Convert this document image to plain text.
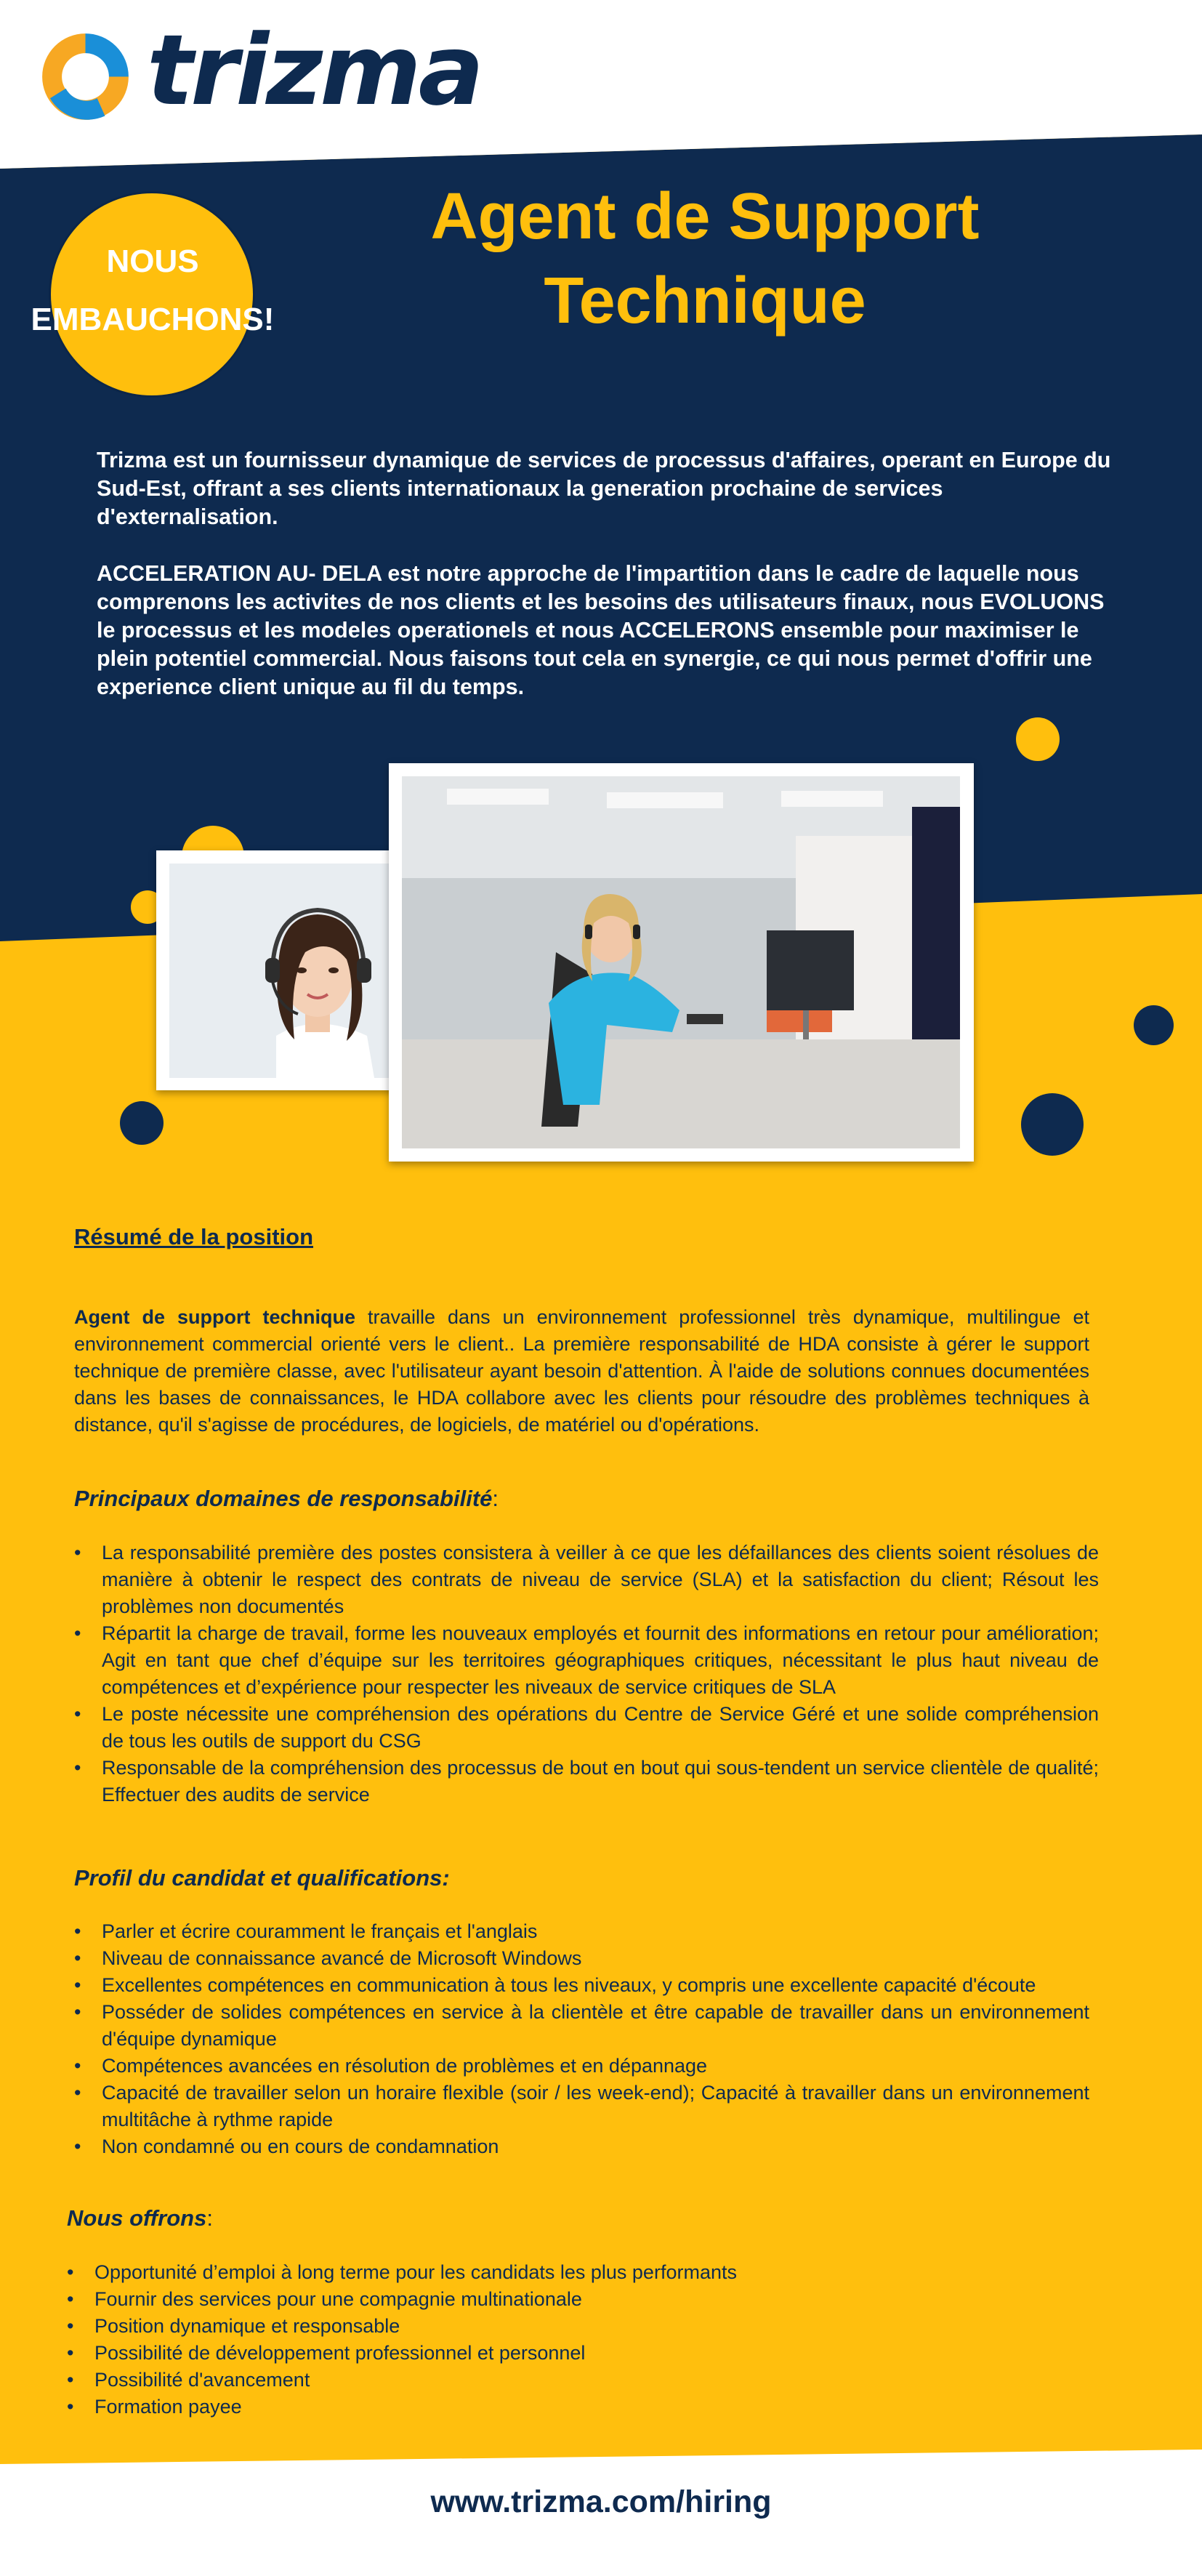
trizma
NOUS
EMBAUCHONS!
Agent de Support
Technique

Trizma est un fournisseur dynamique de services de processus d'affaires, operant en Europe du Sud-Est, offrant a ses clients internationaux la generation prochaine de services d'externalisation.

ACCELERATION AU- DELA est notre approche de l'impartition dans le cadre de laquelle nous comprenons les activites de nos clients et les besoins des utilisateurs finaux, nous EVOLUONS le processus et les modeles operationels et nous ACCELERONS ensemble pour maximiser le plein potentiel commercial. Nous faisons tout cela en synergie, ce qui nous permet d'offrir une experience client unique au fil du temps.

Résumé de la position
Agent de support technique travaille dans un environnement professionnel très dynamique, multilingue et environnement commercial orienté vers le client.. La première responsabilité de HDA consiste à gérer le support technique de première classe, avec l'utilisateur ayant besoin d'attention. À l'aide de solutions connues documentées dans les bases de connaissances, le HDA collabore avec les clients pour résoudre des problèmes techniques à distance, qu'il s'agisse de procédures, de logiciels, de matériel ou d'opérations.
Principaux domaines de responsabilité:
• La responsabilité première des postes consistera à veiller à ce que les défaillances des clients soient résolues de manière à obtenir le respect des contrats de niveau de service (SLA) et la satisfaction du client; Résout les problèmes non documentés
• Répartit la charge de travail, forme les nouveaux employés et fournit des informations en retour pour amélioration; Agit en tant que chef d’équipe sur les territoires géographiques critiques, nécessitant le plus haut niveau de compétences et d’expérience pour respecter les niveaux de service critiques de SLA
• Le poste nécessite une compréhension des opérations du Centre de Service Géré et une solide compréhension de tous les outils de support du CSG
• Responsable de la compréhension des processus de bout en bout qui sous-tendent un service clientèle de qualité; Effectuer des audits de service
Profil du candidat et qualifications:
• Parler et écrire couramment le français et l'anglais
• Niveau de connaissance avancé de Microsoft Windows
• Excellentes compétences en communication à tous les niveaux, y compris une excellente capacité d'écoute
• Posséder de solides compétences en service à la clientèle et être capable de travailler dans un environnement d'équipe dynamique
• Compétences avancées en résolution de problèmes et en dépannage
• Capacité de travailler selon un horaire flexible (soir / les week-end); Capacité à travailler dans un environnement multitâche à rythme rapide
• Non condamné ou en cours de condamnation
Nous offrons:
• Opportunité d’emploi à long terme pour les candidats les plus performants
• Fournir des services pour une compagnie multinationale
• Position dynamique et responsable
• Possibilité de développement professionnel et personnel
• Possibilité d'avancement
• Formation payee
www.trizma.com/hiring
